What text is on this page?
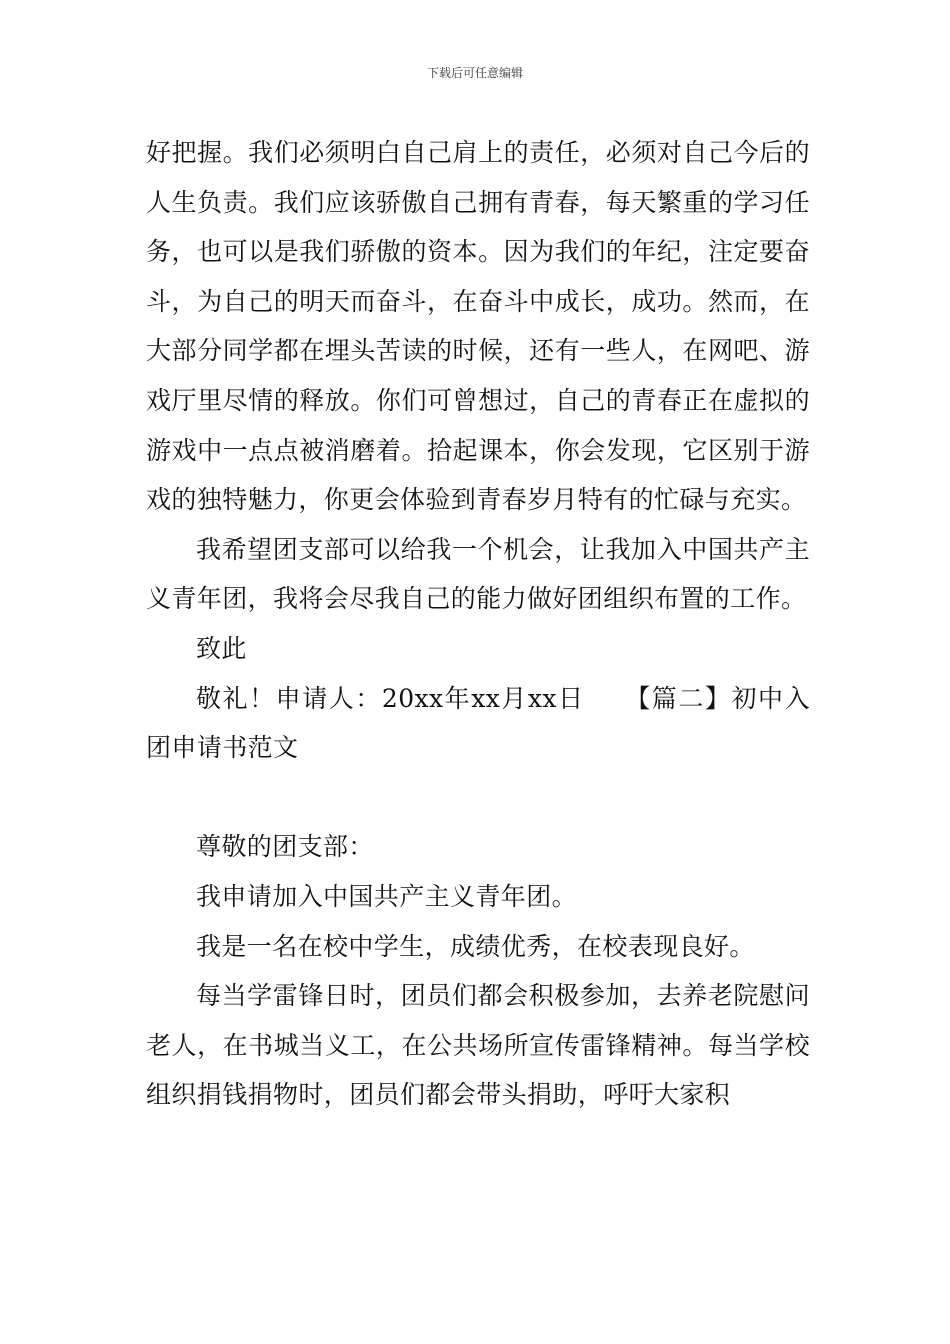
下载后可任意编辑

好把握。我们必须明白自己肩上的责任，必须对自己今后的人生负责。我们应该骄傲自己拥有青春，每天繁重的学习任务，也可以是我们骄傲的资本。因为我们的年纪，注定要奋斗，为自己的明天而奋斗，在奋斗中成长，成功。然而，在大部分同学都在埋头苦读的时候，还有一些人，在网吧、游戏厅里尽情的释放。你们可曾想过，自己的青春正在虚拟的游戏中一点点被消磨着。拾起课本，你会发现，它区别于游戏的独特魅力，你更会体验到青春岁月特有的忙碌与充实。

我希望团支部可以给我一个机会，让我加入中国共产主义青年团，我将会尽我自己的能力做好团组织布置的工作。

致此

敬礼！申请人：20xx年xx月xx日　　【篇二】初中入团申请书范文

尊敬的团支部：

我申请加入中国共产主义青年团。

我是一名在校中学生，成绩优秀，在校表现良好。

每当学雷锋日时，团员们都会积极参加，去养老院慰问老人，在书城当义工，在公共场所宣传雷锋精神。每当学校组织捐钱捐物时，团员们都会带头捐助，呼吁大家积
